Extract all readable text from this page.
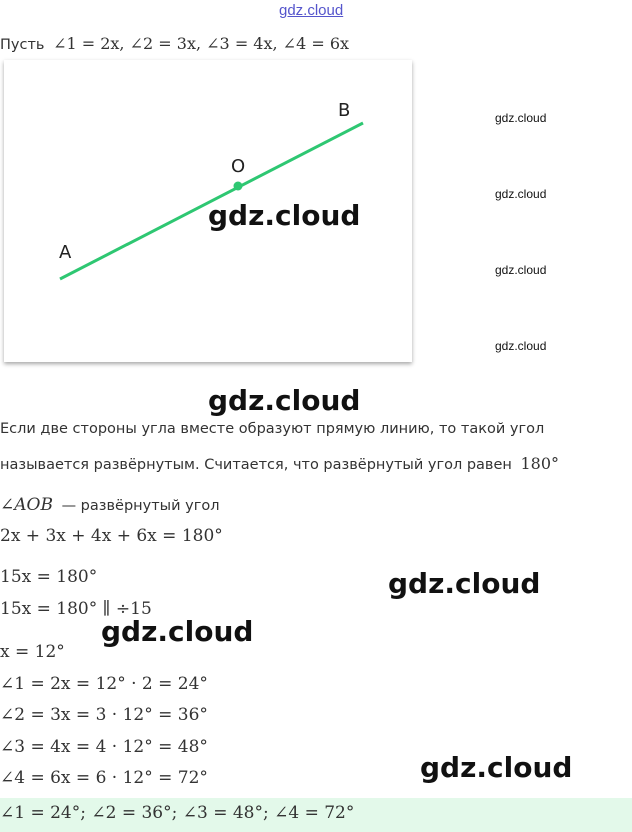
gdz.cloud
Пусть ∠1 = 2x, ∠2 = 3x, ∠3 = 4x, ∠4 = 6x
A
O
B	gdz.cloud
gdz.cloud
gdz.cloud
gdz.cloud
gdz.cloud
gdz.cloud
gdz.cloud
gdz.cloud
gdz.cloud
Если две стороны угла вместе образуют прямую линию, то такой угол
называется развёрнутым. Считается, что развёрнутый угол равен 180°
∠AOB — развёрнутый угол
2x + 3x + 4x + 6x = 180°
15x = 180°
15x = 180° ∥ ÷15
x = 12°
∠1 = 2x = 12° · 2 = 24°
∠2 = 3x = 3 · 12° = 36°
∠3 = 4x = 4 · 12° = 48°
∠4 = 6x = 6 · 12° = 72°
∠1 = 24°; ∠2 = 36°; ∠3 = 48°; ∠4 = 72°
